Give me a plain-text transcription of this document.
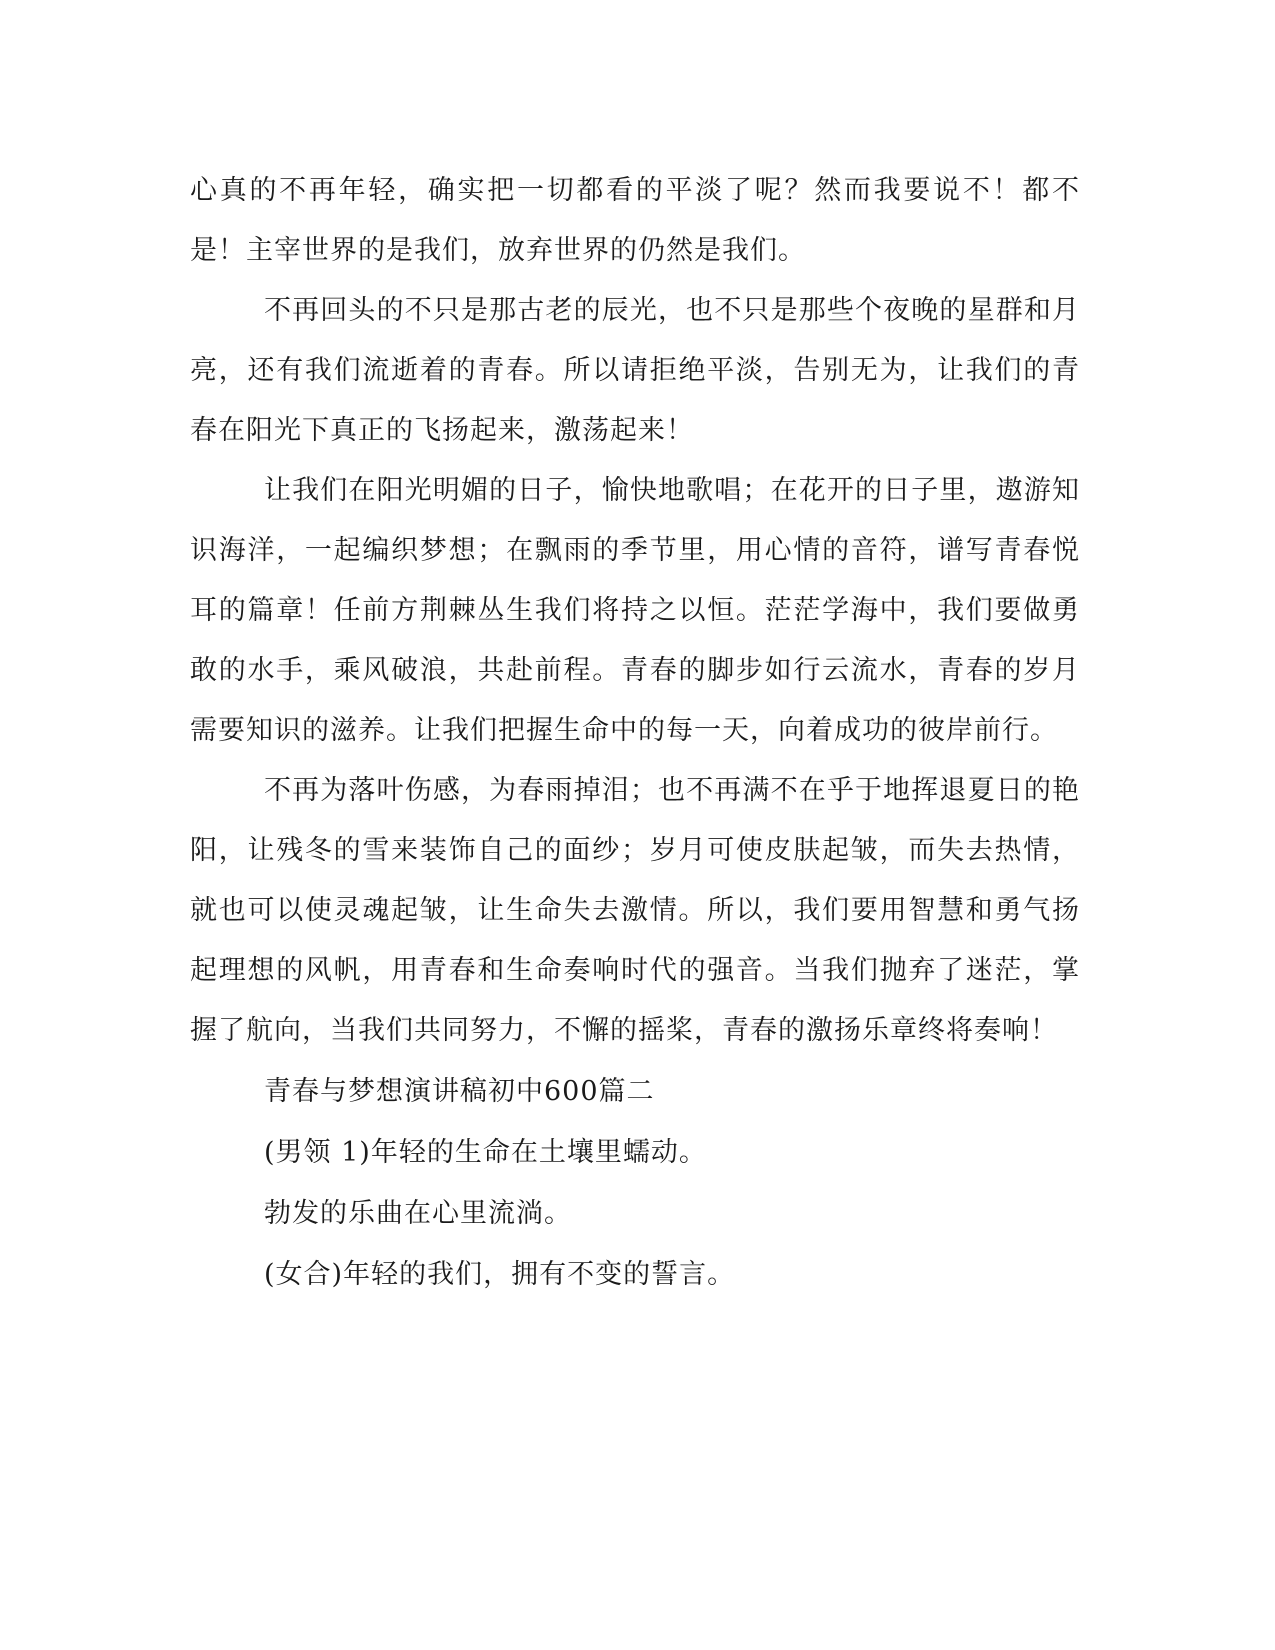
心真的不再年轻，确实把一切都看的平淡了呢？然而我要说不！都不是！主宰世界的是我们，放弃世界的仍然是我们。

不再回头的不只是那古老的辰光，也不只是那些个夜晚的星群和月亮，还有我们流逝着的青春。所以请拒绝平淡，告别无为，让我们的青春在阳光下真正的飞扬起来，激荡起来！

让我们在阳光明媚的日子，愉快地歌唱；在花开的日子里，遨游知识海洋，一起编织梦想；在飘雨的季节里，用心情的音符，谱写青春悦耳的篇章！任前方荆棘丛生我们将持之以恒。茫茫学海中，我们要做勇敢的水手，乘风破浪，共赴前程。青春的脚步如行云流水，青春的岁月需要知识的滋养。让我们把握生命中的每一天，向着成功的彼岸前行。

不再为落叶伤感，为春雨掉泪；也不再满不在乎于地挥退夏日的艳阳，让残冬的雪来装饰自己的面纱；岁月可使皮肤起皱，而失去热情，就也可以使灵魂起皱，让生命失去激情。所以，我们要用智慧和勇气扬起理想的风帆，用青春和生命奏响时代的强音。当我们抛弃了迷茫，掌握了航向，当我们共同努力，不懈的摇桨，青春的激扬乐章终将奏响！

青春与梦想演讲稿初中600篇二

(男领 1)年轻的生命在土壤里蠕动。

勃发的乐曲在心里流淌。

(女合)年轻的我们，拥有不变的誓言。
